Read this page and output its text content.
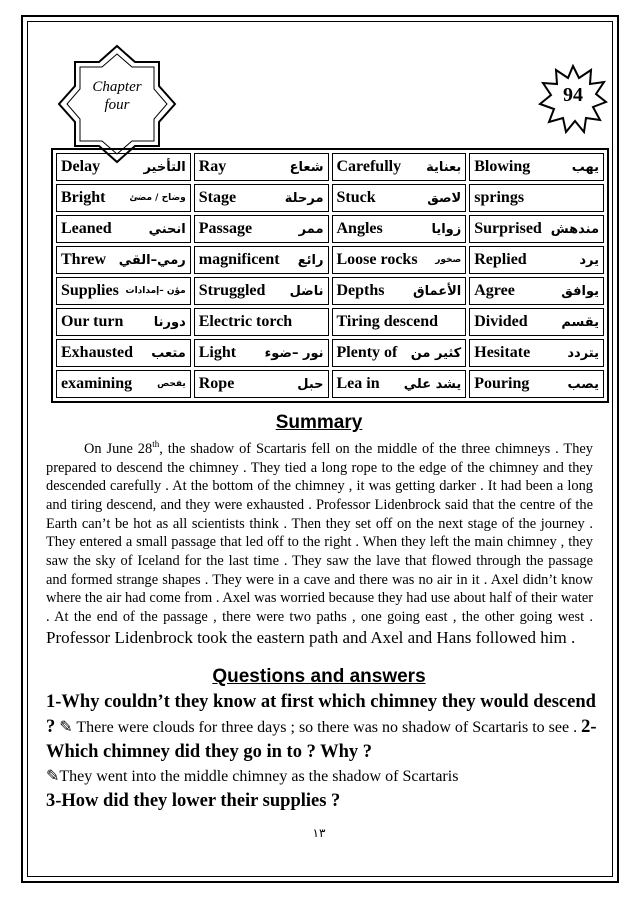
Chapter
four	94
Delay التأخير	Ray شعاع	Carefully بعناية	Blowing يهب

Bright وضاح / مضئ	Stage مرحلة	Stuck لاصق	springs

Leaned انحني	Passage ممر	Angles زوايا	Surprised مندهش

Threw رمي–القي	magnificent رائع	Loose rocks صخور	Replied يرد

Supplies مؤن –إمدادات	Struggled ناضل	Depths الأعماق	Agree يوافق

Our turn دورنا	Electric torch	Tiring descend	Divided يقسم

Exhausted متعب	Light نور –ضوء	Plenty of كثير من	Hesitate يتردد

examining يفحص	Rope حبل	Lea in يشد علي	Pouring يصب
Summary
On June 28th, the shadow of Scartaris fell on the middle of the three chimneys . They prepared to descend the chimney . They tied a long rope to the edge of the chimney and they descended carefully . At the bottom of the chimney , it was getting darker . It had been a long and tiring descend, and they were exhausted . Professor Lidenbrock said that the centre of the Earth can’t be hot as all scientists think . Then they set off on the next stage of the journey . They entered a small passage that led off to the right . When they left the main chimney , they saw the sky of Iceland for the last time . They saw the lave that flowed through the passage and formed strange shapes . They were in a cave and there was no air in it . Axel didn’t know where the air had come from . Axel was worried because they had use about half of their water . At the end of the passage , there were two paths , one going east , the other going west . Professor Lidenbrock took the eastern path and Axel and Hans followed him .
Questions and answers
1-Why couldn’t they know at first which chimney they would descend ? ✎ There were clouds for three days ; so there was no shadow of Scartaris to see . 2-Which chimney did they go in to ? Why ?
✎They went into the middle chimney as the shadow of Scartaris
3-How did they lower their supplies ?
١٣
